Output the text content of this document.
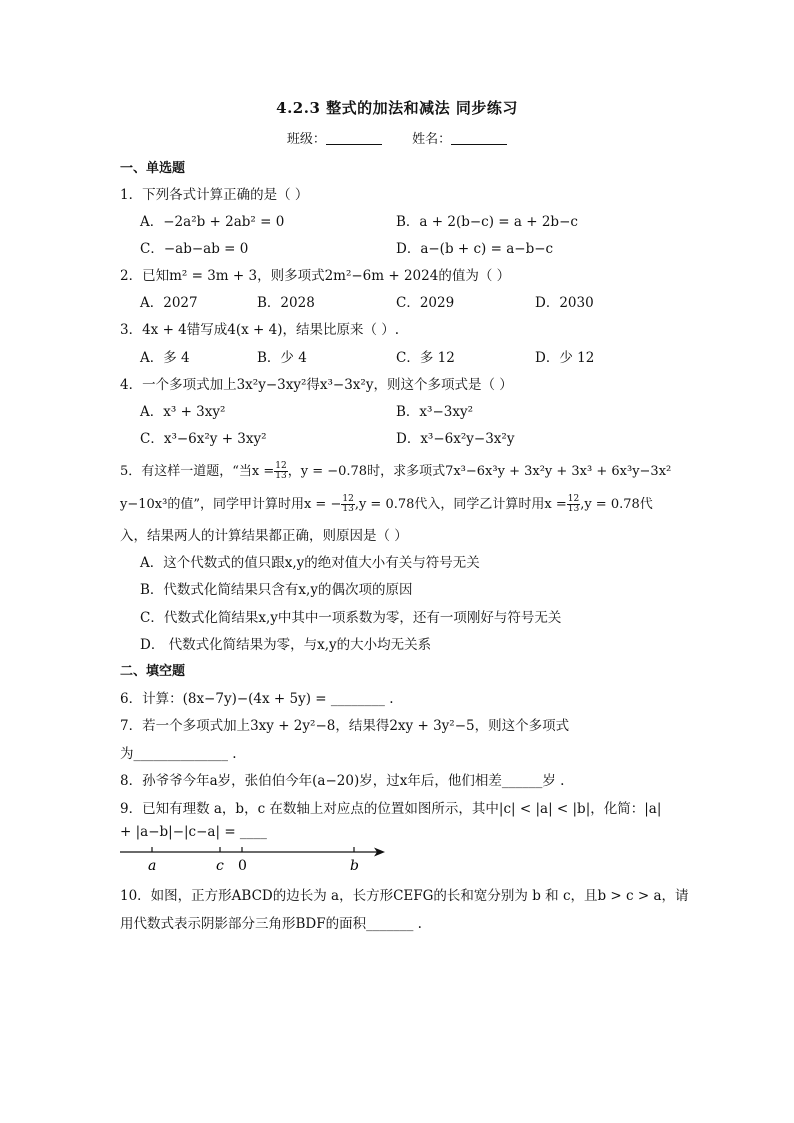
4.2.3 整式的加法和减法 同步练习
班级：	姓名：
一、单选题
1．下列各式计算正确的是（ ）
A．−2a²b + 2ab² = 0	B．a + 2(b−c) = a + 2b−c
C．−ab−ab = 0	D．a−(b + c) = a−b−c
2．已知m² = 3m + 3，则多项式2m²−6m + 2024的值为（ ）
A．2027	B．2028	C．2029	D．2030
3．4x + 4错写成4(x + 4)，结果比原来（ ）.
A．多 4	B．少 4	C．多 12	D．少 12
4．一个多项式加上3x²y−3xy²得x³−3x²y，则这个多项式是（ ）
A．x³ + 3xy²	B．x³−3xy²
C．x³−6x²y + 3xy²	D．x³−6x²y−3x²y
5．有这样一道题，“当$x = \frac{12}{13}$ ，y = −0.78时，求多项式7x³−6x³y + 3x²y + 3x³ + 6x³y−3x²
y−10x³的值”，同学甲计算时用x = − $\frac{12}{13} ,y = 0.78$代入，同学乙计算时用$x = \frac{12}{13} ,y = 0.78$代
入，结果两人的计算结果都正确，则原因是（ ）
A．这个代数式的值只跟x,y的绝对值大小有关与符号无关
B．代数式化简结果只含有x,y的偶次项的原因
C．代数式化简结果x,y中其中一项系数为零，还有一项刚好与符号无关
D． 代数式化简结果为零，与x,y的大小均无关系
二、填空题
6．计算：(8x−7y)−(4x + 5y) = ________ .
7．若一个多项式加上3xy + 2y²−8，结果得2xy + 3y²−5，则这个多项式
为______________ .
8．孙爷爷今年a岁，张伯伯今年(a−20)岁，过x年后，他们相差______岁 .
9．已知有理数 a，b，c 在数轴上对应点的位置如图所示，其中|c| < |a| < |b|，化简：|a|
+ |a−b|−|c−a| = ____
a	c 0	b
10．如图，正方形ABCD的边长为 a，长方形CEFG的长和宽分别为 b 和 c，且b > c > a，请
用代数式表示阴影部分三角形BDF的面积_______ .
